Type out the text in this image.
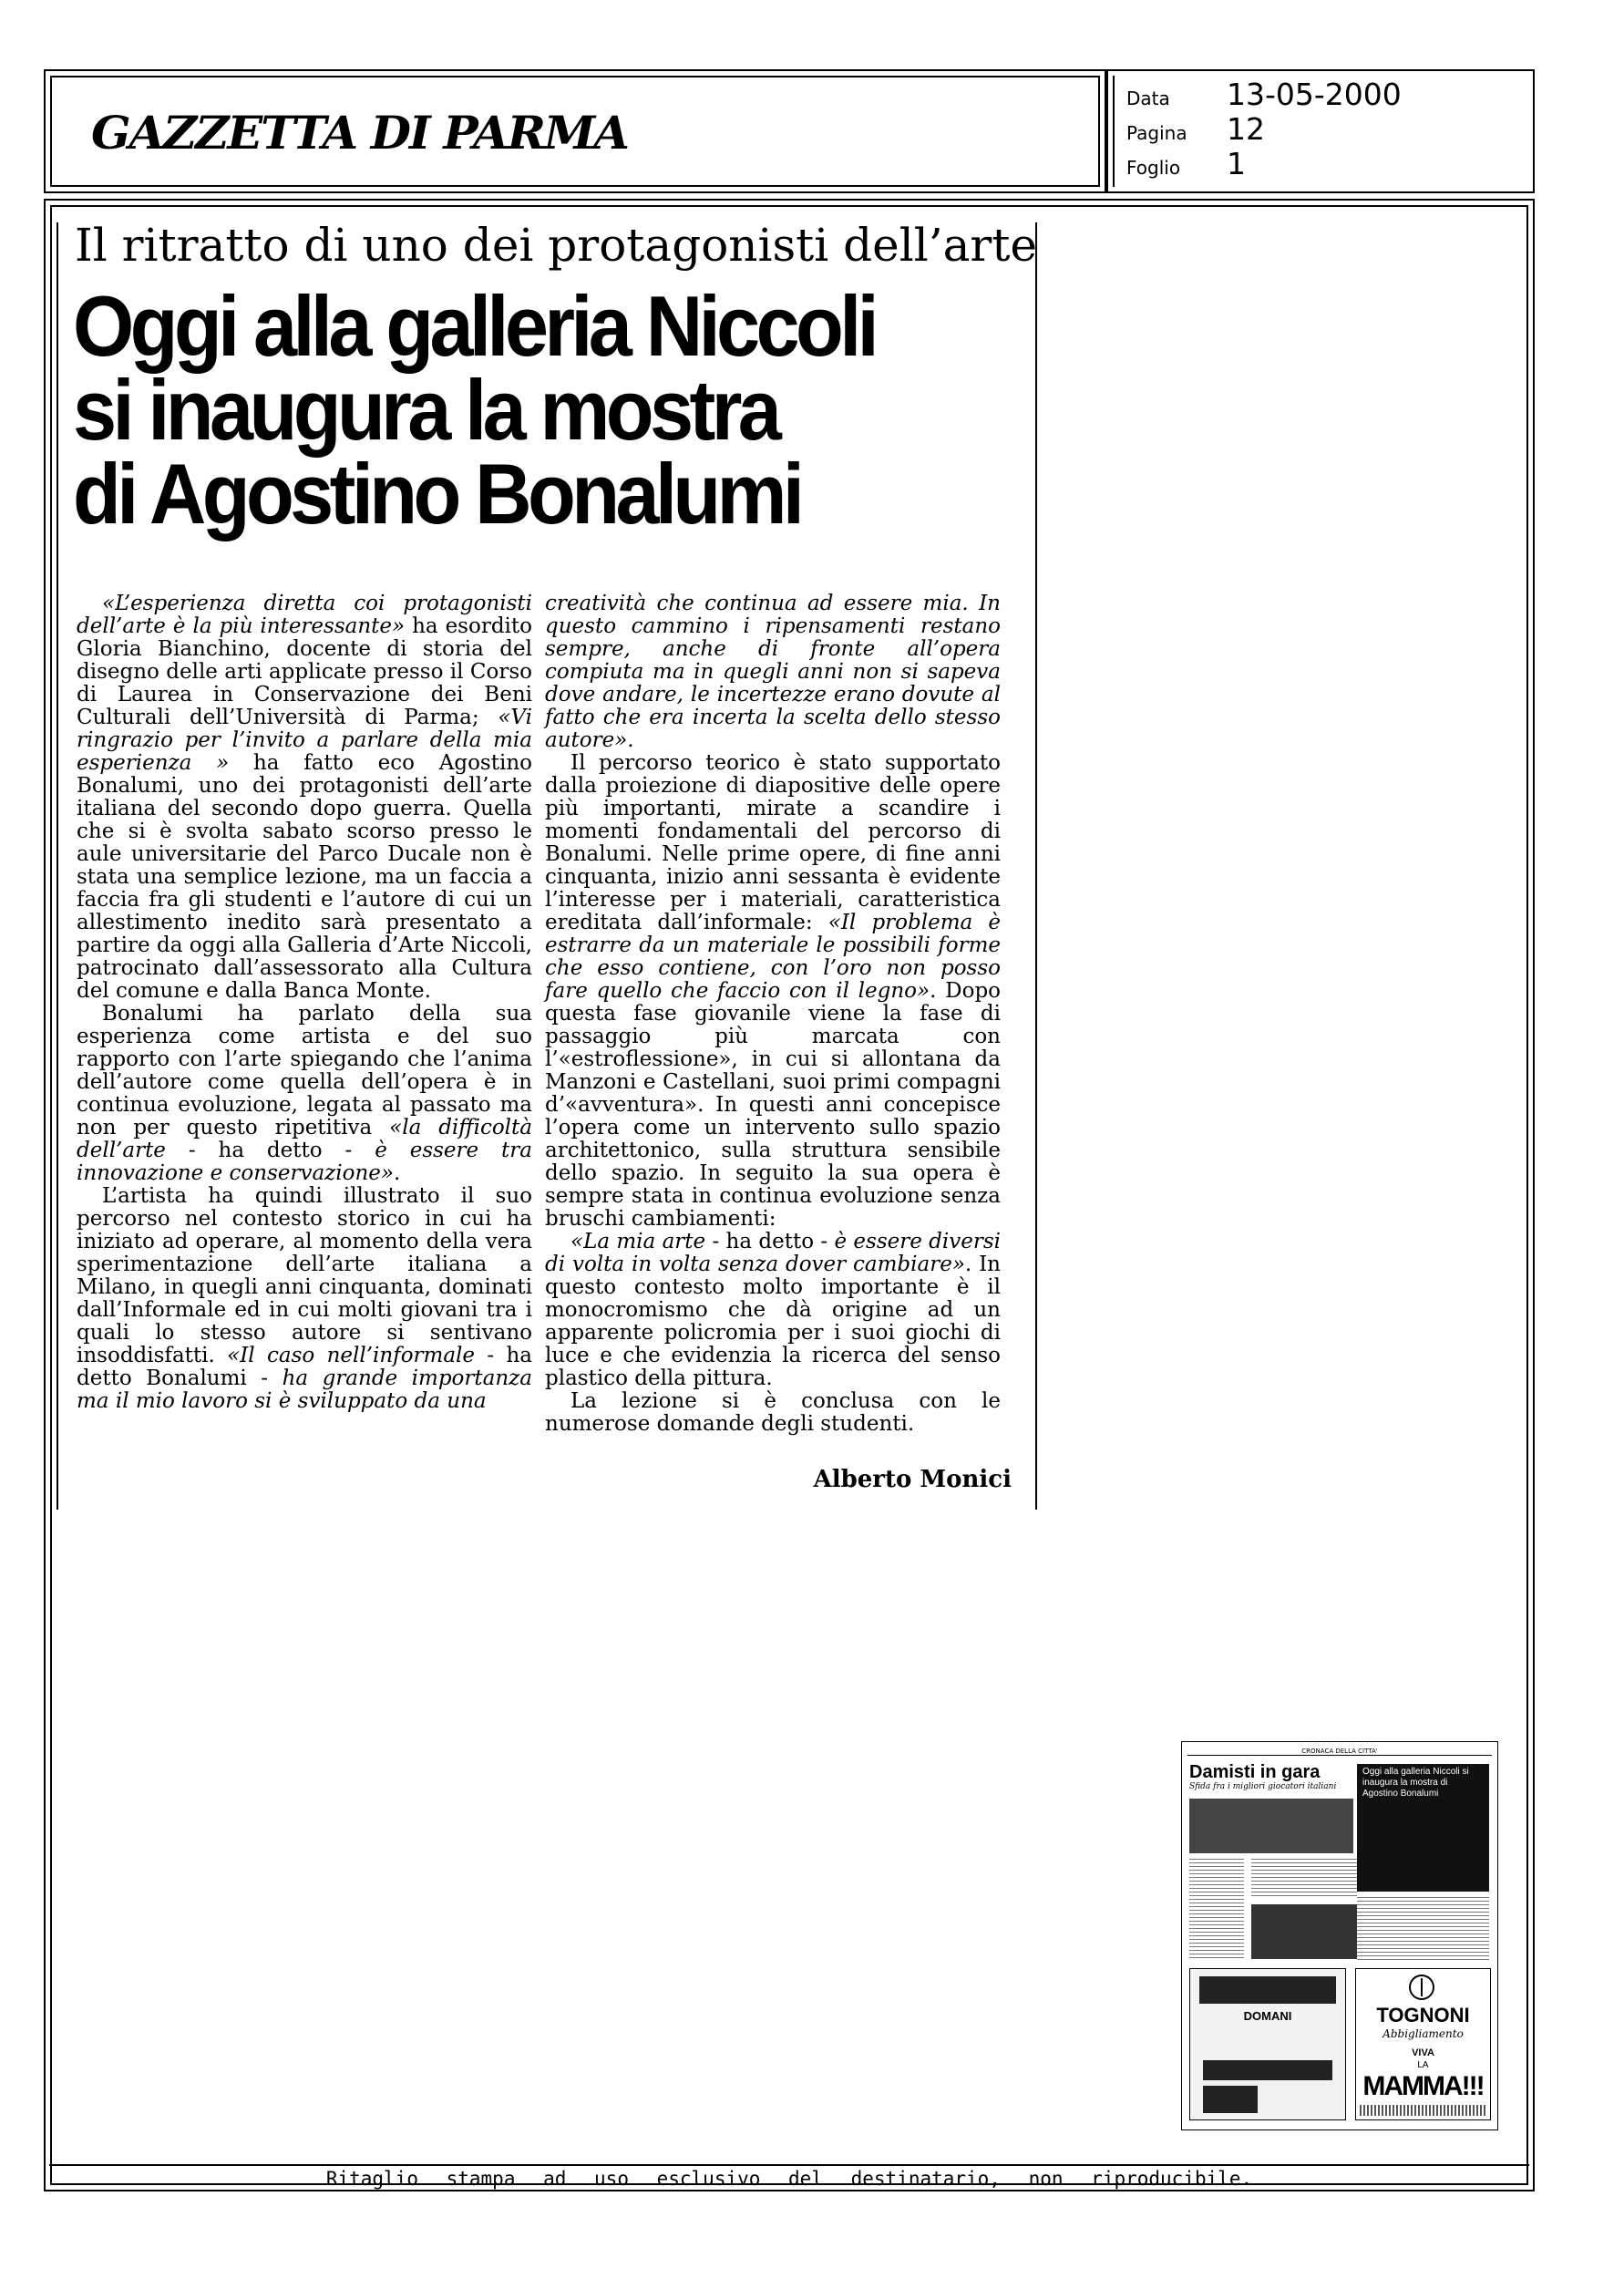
GAZZETTA DI PARMA
Data 13-05-2000
Pagina 12
Foglio 1
Il ritratto di uno dei protagonisti dell’arte
Oggi alla galleria Niccoli
si inaugura la mostra
di Agostino Bonalumi

«L’esperienza diretta coi protagonisti dell’arte è la più interessante» ha esordito Gloria Bianchino, docente di storia del disegno delle arti applicate presso il Corso di Laurea in Conservazione dei Beni Culturali dell’Università di Parma; «Vi ringrazio per l’invito a parlare della mia esperienza » ha fatto eco Agostino Bonalumi, uno dei protagonisti dell’arte italiana del secondo dopo guerra. Quella che si è svolta sabato scorso presso le aule universitarie del Parco Ducale non è stata una semplice lezione, ma un faccia a faccia fra gli studenti e l’autore di cui un allestimento inedito sarà presentato a partire da oggi alla Galleria d’Arte Niccoli, patrocinato dall’assessorato alla Cultura del comune e dalla Banca Monte.

Bonalumi ha parlato della sua esperienza come artista e del suo rapporto con l’arte spiegando che l’anima dell’autore come quella dell’opera è in continua evoluzione, legata al passato ma non per questo ripetitiva «la difficoltà dell’arte - ha detto - è essere tra innovazione e conservazione».

L’artista ha quindi illustrato il suo percorso nel contesto storico in cui ha iniziato ad operare, al momento della vera sperimentazione dell’arte italiana a Milano, in quegli anni cinquanta, dominati dall’Informale ed in cui molti giovani tra i quali lo stesso autore si sentivano insoddisfatti. «Il caso nell’informale - ha detto Bonalumi - ha grande importanza ma il mio lavoro si è sviluppato da una

creatività che continua ad essere mia. In questo cammino i ripensamenti restano sempre, anche di fronte all’opera compiuta ma in quegli anni non si sapeva dove andare, le incertezze erano dovute al fatto che era incerta la scelta dello stesso autore».

Il percorso teorico è stato supportato dalla proiezione di diapositive delle opere più importanti, mirate a scandire i momenti fondamentali del percorso di Bonalumi. Nelle prime opere, di fine anni cinquanta, inizio anni sessanta è evidente l’interesse per i materiali, caratteristica ereditata dall’informale: «Il problema è estrarre da un materiale le possibili forme che esso contiene, con l’oro non posso fare quello che faccio con il legno». Dopo questa fase giovanile viene la fase di passaggio più marcata con l’«estroflessione», in cui si allontana da Manzoni e Castellani, suoi primi compagni d’«avventura». In questi anni concepisce l’opera come un intervento sullo spazio architettonico, sulla struttura sensibile dello spazio. In seguito la sua opera è sempre stata in continua evoluzione senza bruschi cambiamenti:

«La mia arte - ha detto - è essere diversi di volta in volta senza dover cambiare». In questo contesto molto importante è il monocromismo che dà origine ad un apparente policromia per i suoi giochi di luce e che evidenzia la ricerca del senso plastico della pittura.

La lezione si è conclusa con le numerose domande degli studenti.

Alberto Monici
CRONACA DELLA CITTA'
Damisti in gara
Sfida fra i migliori giocatori italiani
Oggi alla galleria Niccoli si inaugura la mostra di Agostino Bonalumi
DOMANI	TOGNONI
Abbigliamento
VIVA
LA
MAMMA!!!
Ritaglio stampa ad uso esclusivo del destinatario, non riproducibile.
